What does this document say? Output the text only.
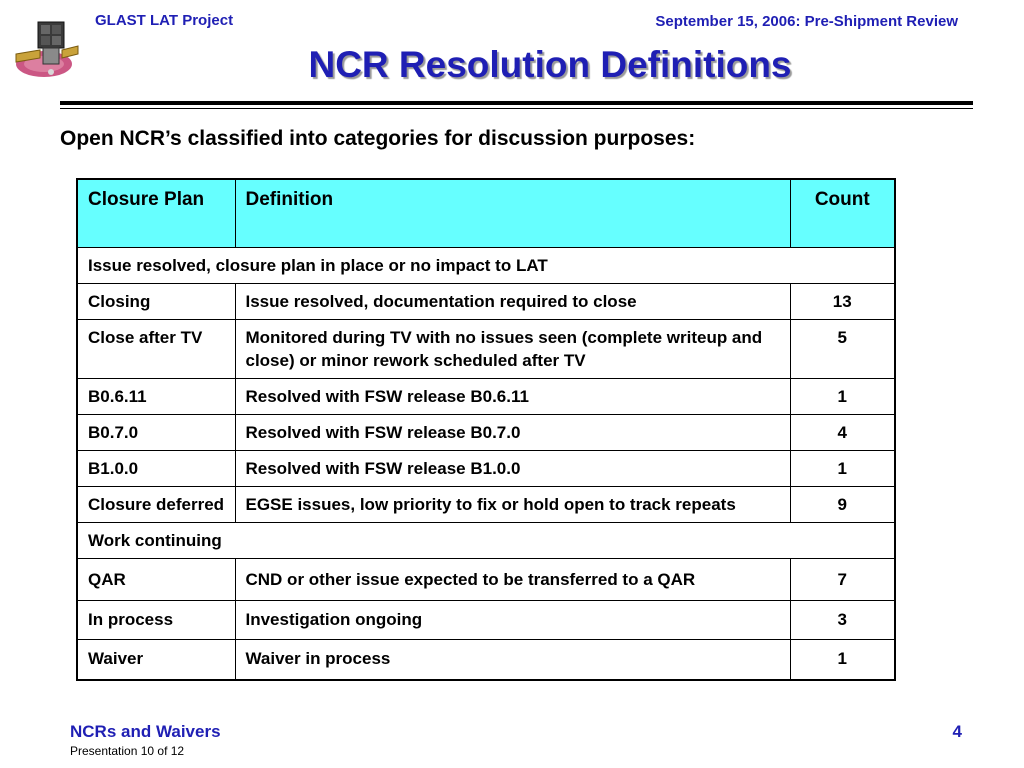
GLAST LAT Project	September 15, 2006: Pre-Shipment Review
NCR Resolution Definitions
Open NCR’s classified into categories for discussion purposes:
Closure Plan	Definition	Count
Issue resolved, closure plan in place or no impact to LAT		
Closing	Issue resolved, documentation required to close	13
Close after TV	Monitored during TV with no issues seen (complete writeup and close) or minor rework scheduled after TV	5
B0.6.11	Resolved with FSW release B0.6.11	1
B0.7.0	Resolved with FSW release B0.7.0	4
B1.0.0	Resolved with FSW release B1.0.0	1
Closure deferred	EGSE issues, low priority to fix or hold open to track repeats	9
Work continuing		
QAR	CND or other issue expected to be transferred to a QAR	7
In process	Investigation ongoing	3
Waiver	Waiver in process	1
NCRs and Waivers
Presentation 10 of 12
4
